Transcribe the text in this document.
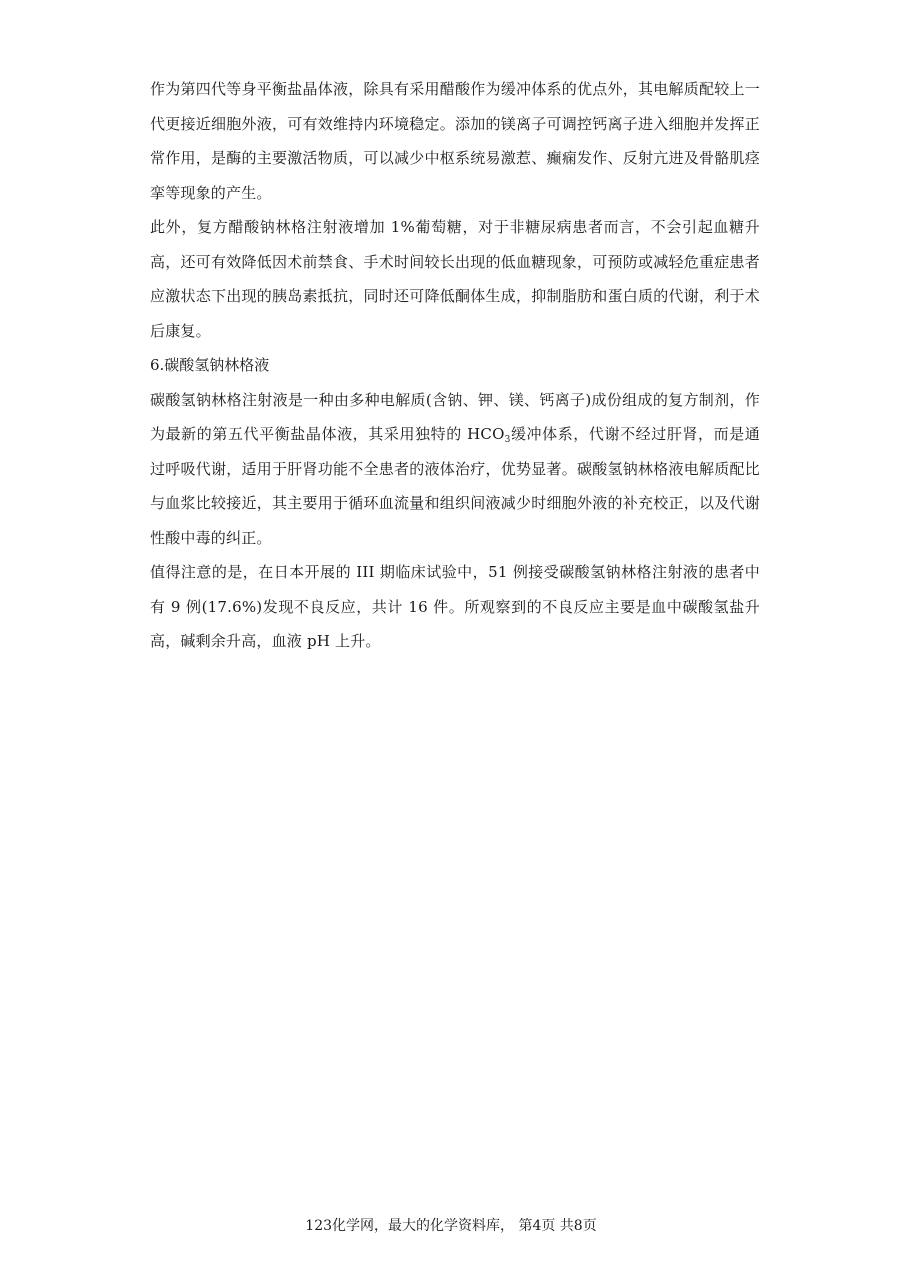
作为第四代等身平衡盐晶体液，除具有采用醋酸作为缓冲体系的优点外，其电解质配较上一代更接近细胞外液，可有效维持内环境稳定。添加的镁离子可调控钙离子进入细胞并发挥正常作用，是酶的主要激活物质，可以减少中枢系统易激惹、癫痫发作、反射亢进及骨骼肌痉挛等现象的产生。

此外，复方醋酸钠林格注射液增加 1%葡萄糖，对于非糖尿病患者而言，不会引起血糖升高，还可有效降低因术前禁食、手术时间较长出现的低血糖现象，可预防或减轻危重症患者应激状态下出现的胰岛素抵抗，同时还可降低酮体生成，抑制脂肪和蛋白质的代谢，利于术后康复。

6.碳酸氢钠林格液

碳酸氢钠林格注射液是一种由多种电解质(含钠、钾、镁、钙离子)成份组成的复方制剂，作为最新的第五代平衡盐晶体液，其采用独特的 $HCO_3$缓冲体系，代谢不经过肝肾，而是通过呼吸代谢，适用于肝肾功能不全患者的液体治疗，优势显著。碳酸氢钠林格液电解质配比与血浆比较接近，其主要用于循环血流量和组织间液减少时细胞外液的补充校正，以及代谢性酸中毒的纠正。

值得注意的是，在日本开展的 III 期临床试验中，51 例接受碳酸氢钠林格注射液的患者中有 9 例(17.6%)发现不良反应，共计 16 件。所观察到的不良反应主要是血中碳酸氢盐升高，碱剩余升高，血液 pH 上升。

123化学网，最大的化学资料库， 第4页 共8页
